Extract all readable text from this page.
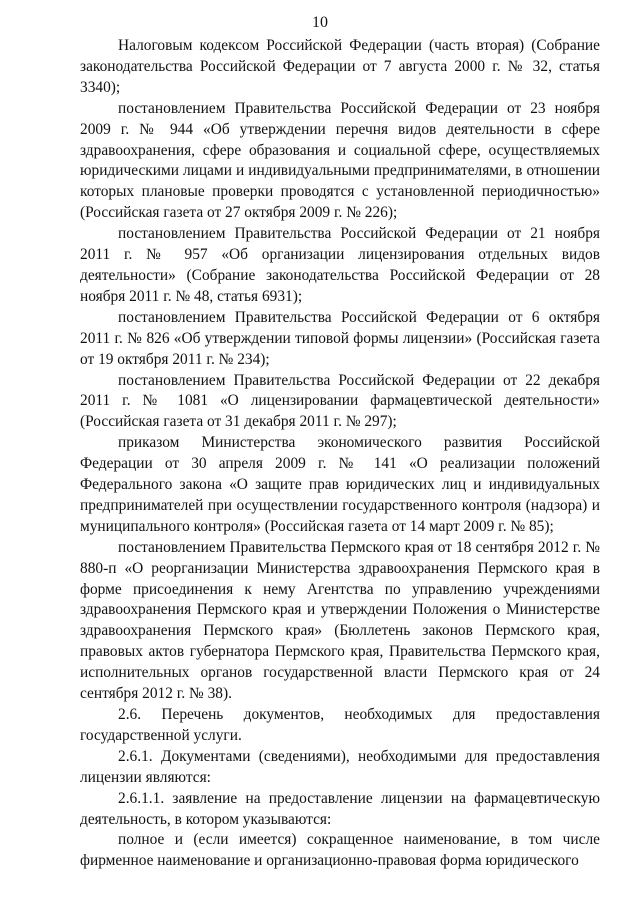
10

Налоговым кодексом Российской Федерации (часть вторая) (Собрание законодательства Российской Федерации от 7 августа 2000 г. № 32, статья 3340);

постановлением Правительства Российской Федерации от 23 ноября 2009 г. № 944 «Об утверждении перечня видов деятельности в сфере здравоохранения, сфере образования и социальной сфере, осуществляемых юридическими лицами и индивидуальными предпринимателями, в отношении которых плановые проверки проводятся с установленной периодичностью» (Российская газета от 27 октября 2009 г. № 226);

постановлением Правительства Российской Федерации от 21 ноября 2011 г. № 957 «Об организации лицензирования отдельных видов деятельности» (Собрание законодательства Российской Федерации от 28 ноября 2011 г. № 48, статья 6931);

постановлением Правительства Российской Федерации от 6 октября 2011 г. № 826 «Об утверждении типовой формы лицензии» (Российская газета от 19 октября 2011 г. № 234);

постановлением Правительства Российской Федерации от 22 декабря 2011 г. № 1081 «О лицензировании фармацевтической деятельности» (Российская газета от 31 декабря 2011 г. № 297);

приказом Министерства экономического развития Российской Федерации от 30 апреля 2009 г. № 141 «О реализации положений Федерального закона «О защите прав юридических лиц и индивидуальных предпринимателей при осуществлении государственного контроля (надзора) и муниципального контроля» (Российская газета от 14 март 2009 г. № 85);

постановлением Правительства Пермского края от 18 сентября 2012 г. № 880-п «О реорганизации Министерства здравоохранения Пермского края в форме присоединения к нему Агентства по управлению учреждениями здравоохранения Пермского края и утверждении Положения о Министерстве здравоохранения Пермского края» (Бюллетень законов Пермского края, правовых актов губернатора Пермского края, Правительства Пермского края, исполнительных органов государственной власти Пермского края от 24 сентября 2012 г. № 38).

2.6. Перечень документов, необходимых для предоставления государственной услуги.

2.6.1. Документами (сведениями), необходимыми для предоставления лицензии являются:

2.6.1.1. заявление на предоставление лицензии на фармацевтическую деятельность, в котором указываются:

полное и (если имеется) сокращенное наименование, в том числе фирменное наименование и организационно-правовая форма юридического
